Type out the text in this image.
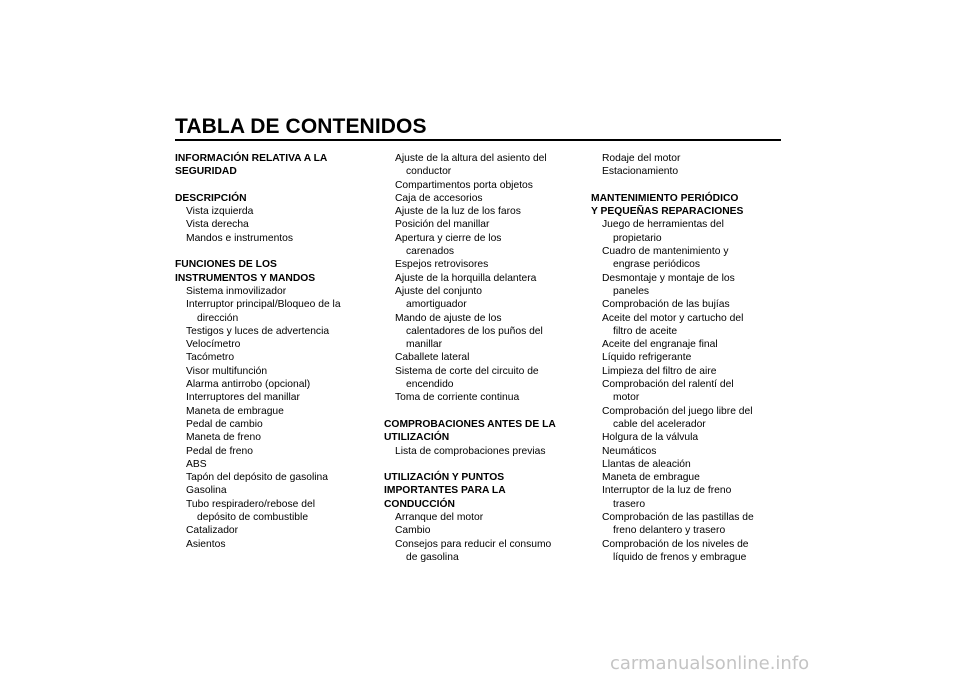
TABLA DE CONTENIDOS
INFORMACIÓN RELATIVA A LA
SEGURIDAD
DESCRIPCIÓN
Vista izquierda
Vista derecha
Mandos e instrumentos
FUNCIONES DE LOS
INSTRUMENTOS Y MANDOS
Sistema inmovilizador
Interruptor principal/Bloqueo de la
dirección
Testigos y luces de advertencia
Velocímetro
Tacómetro
Visor multifunción
Alarma antirrobo (opcional)
Interruptores del manillar
Maneta de embrague
Pedal de cambio
Maneta de freno
Pedal de freno
ABS
Tapón del depósito de gasolina
Gasolina
Tubo respiradero/rebose del
depósito de combustible
Catalizador
Asientos
Ajuste de la altura del asiento del
conductor
Compartimentos porta objetos
Caja de accesorios
Ajuste de la luz de los faros
Posición del manillar
Apertura y cierre de los
carenados
Espejos retrovisores
Ajuste de la horquilla delantera
Ajuste del conjunto
amortiguador
Mando de ajuste de los
calentadores de los puños del
manillar
Caballete lateral
Sistema de corte del circuito de
encendido
Toma de corriente continua
COMPROBACIONES ANTES DE LA
UTILIZACIÓN
Lista de comprobaciones previas
UTILIZACIÓN Y PUNTOS
IMPORTANTES PARA LA
CONDUCCIÓN
Arranque del motor
Cambio
Consejos para reducir el consumo
de gasolina
Rodaje del motor
Estacionamiento
MANTENIMIENTO PERIÓDICO
Y PEQUEÑAS REPARACIONES
Juego de herramientas del
propietario
Cuadro de mantenimiento y
engrase periódicos
Desmontaje y montaje de los
paneles
Comprobación de las bujías
Aceite del motor y cartucho del
filtro de aceite
Aceite del engranaje final
Líquido refrigerante
Limpieza del filtro de aire
Comprobación del ralentí del
motor
Comprobación del juego libre del
cable del acelerador
Holgura de la válvula
Neumáticos
Llantas de aleación
Maneta de embrague
Interruptor de la luz de freno
trasero
Comprobación de las pastillas de
freno delantero y trasero
Comprobación de los niveles de
líquido de frenos y embrague

carmanualsonline.info
